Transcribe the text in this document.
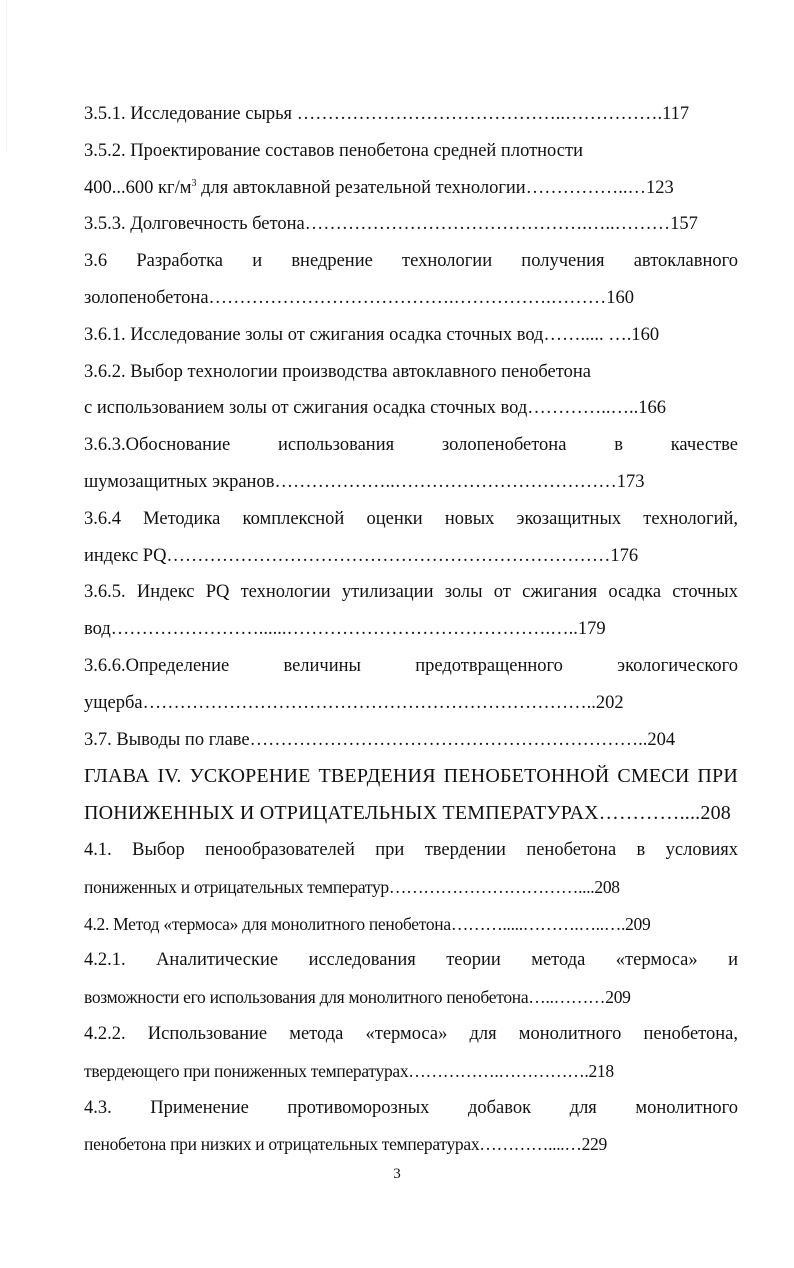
3.5.1. Исследование сырья ……………………………………..…………….117
3.5.2. Проектирование составов пенобетона средней плотности
400...600 $кг/м^3$ для автоклавной резательной технологии……………..…123
3.5.3. Долговечность бетона……………………………………….…..………157
3.6 Разработка и внедрение технологии получения автоклавного
золопенобетона………………………………….…………….………160
3.6.1. Исследование золы от сжигания осадка сточных вод……..... ….160
3.6.2. Выбор технологии производства автоклавного пенобетона
с использованием золы от сжигания осадка сточных вод…………..…..166
3.6.3.Обоснование использования золопенобетона в качестве
шумозащитных экранов………………..………………………………173
3.6.4 Методика комплексной оценки новых экозащитных технологий,
индекс PQ………………………………………………………………176
3.6.5. Индекс PQ технологии утилизации золы от сжигания осадка сточных
вод……………………......…………………………………….…..179
3.6.6.Определение величины предотвращенного экологического
ущерба………………………………………………………………..202
3.7. Выводы по главе………………………………………………………..204
ГЛАВА IV. УСКОРЕНИЕ ТВЕРДЕНИЯ ПЕНОБЕТОННОЙ СМЕСИ ПРИ
ПОНИЖЕННЫХ И ОТРИЦАТЕЛЬНЫХ ТЕМПЕРАТУРАХ…………....208
4.1. Выбор пенообразователей при твердении пенобетона в условиях
пониженных и отрицательных температур……………………………....208
4.2. Метод «термоса» для монолитного пенобетона……….....……….…..….209
4.2.1. Аналитические исследования теории метода «термоса» и
возможности его использования для монолитного пенобетона…..………209
4.2.2. Использование метода «термоса» для монолитного пенобетона,
твердеющего при пониженных температурах…………….…………….218
4.3. Применение противоморозных добавок для монолитного
пенобетона при низких и отрицательных температурах…………....…229
3
